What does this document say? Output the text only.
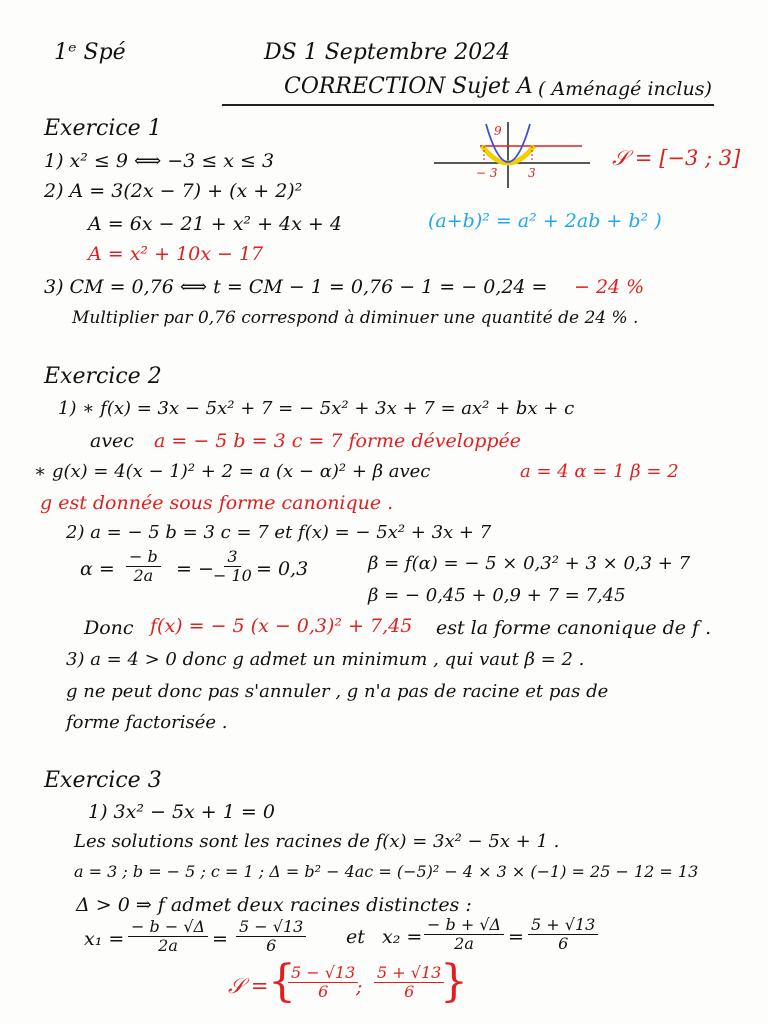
1ᵉ Spé	DS 1 Septembre 2024
CORRECTION Sujet A ( Aménagé inclus)
Exercice 1
1) x² ≤ 9 ⟺ −3 ≤ x ≤ 3
9
− 3	3
𝒮 = [−3 ; 3]
2) A = 3(2x − 7) + (x + 2)²
A = 6x − 21 + x² + 4x + 4	(a+b)² = a² + 2ab + b² )
A = x² + 10x − 17
3) CM = 0,76 ⟺ t = CM − 1 = 0,76 − 1 = − 0,24 = − 24 %
Multiplier par 0,76 correspond à diminuer une quantité de 24 % .
Exercice 2
1) ∗ f(x) = 3x − 5x² + 7 = − 5x² + 3x + 7 = ax² + bx + c
avec a = − 5 b = 3 c = 7 forme développée
∗ g(x) = 4(x − 1)² + 2 = a (x − α)² + β avec	a = 4 α = 1 β = 2
g est donnée sous forme canonique .
2) a = − 5 b = 3 c = 7 et f(x) = − 5x² + 3x + 7
$\alpha = \frac{- b}{2a}$ = −
$\frac{3}{- 10} = 0,3$	β = f(α) = − 5 × 0,3² + 3 × 0,3 + 7
β = − 0,45 + 0,9 + 7 = 7,45
Donc f(x) = − 5 (x − 0,3)² + 7,45 est la forme canonique de f .
3) a = 4 > 0 donc g admet un minimum , qui vaut β = 2 .
g ne peut donc pas s'annuler , g n'a pas de racine et pas de
forme factorisée .
Exercice 3
1) 3x² − 5x + 1 = 0
Les solutions sont les racines de f(x) = 3x² − 5x + 1 .
a = 3 ; b = − 5 ; c = 1 ; Δ = b² − 4ac = (−5)² − 4 × 3 × (−1) = 25 − 12 = 13
Δ > 0 ⇒ f admet deux racines distinctes :
$x_1 = \frac{- b - √\Delta}{2a} = \frac{5 - √13}{6}$ et $x_2 = \frac{- b + √\Delta}{2a} = \frac{5 + √13}{6}$
𝒮 = {
$\frac{5 - √13}{6}$
; $\frac{5 + √13}{6}$
}
